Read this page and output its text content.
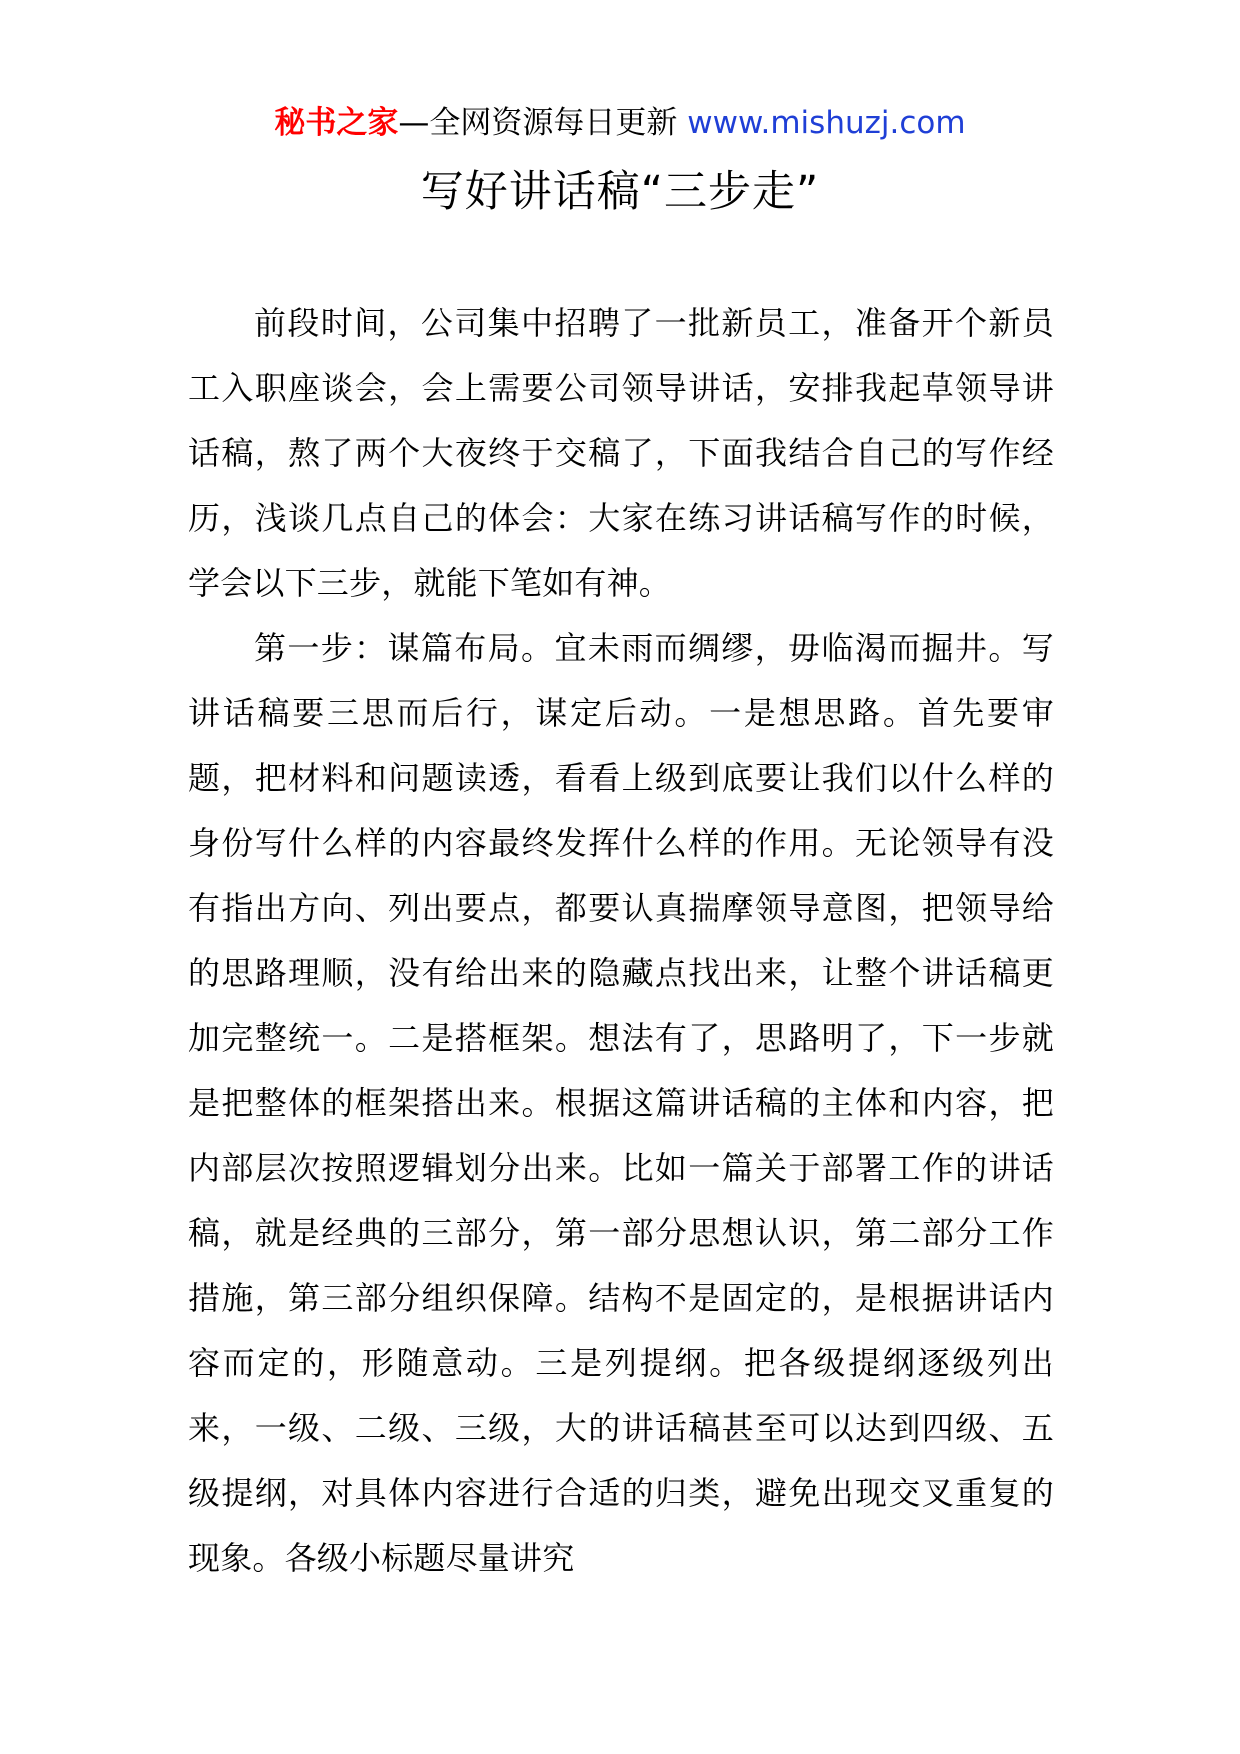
秘书之家—全网资源每日更新 www.mishuzj.com
写好讲话稿“三步走”

前段时间，公司集中招聘了一批新员工，准备开个新员工入职座谈会，会上需要公司领导讲话，安排我起草领导讲话稿，熬了两个大夜终于交稿了，下面我结合自己的写作经历，浅谈几点自己的体会：大家在练习讲话稿写作的时候，学会以下三步，就能下笔如有神。

第一步：谋篇布局。宜未雨而绸缪，毋临渴而掘井。写讲话稿要三思而后行，谋定后动。一是想思路。首先要审题，把材料和问题读透，看看上级到底要让我们以什么样的身份写什么样的内容最终发挥什么样的作用。无论领导有没有指出方向、列出要点，都要认真揣摩领导意图，把领导给的思路理顺，没有给出来的隐藏点找出来，让整个讲话稿更加完整统一。二是搭框架。想法有了，思路明了，下一步就是把整体的框架搭出来。根据这篇讲话稿的主体和内容，把内部层次按照逻辑划分出来。比如一篇关于部署工作的讲话稿，就是经典的三部分，第一部分思想认识，第二部分工作措施，第三部分组织保障。结构不是固定的，是根据讲话内容而定的，形随意动。三是列提纲。把各级提纲逐级列出来，一级、二级、三级，大的讲话稿甚至可以达到四级、五级提纲，对具体内容进行合适的归类，避免出现交叉重复的现象。各级小标题尽量讲究
